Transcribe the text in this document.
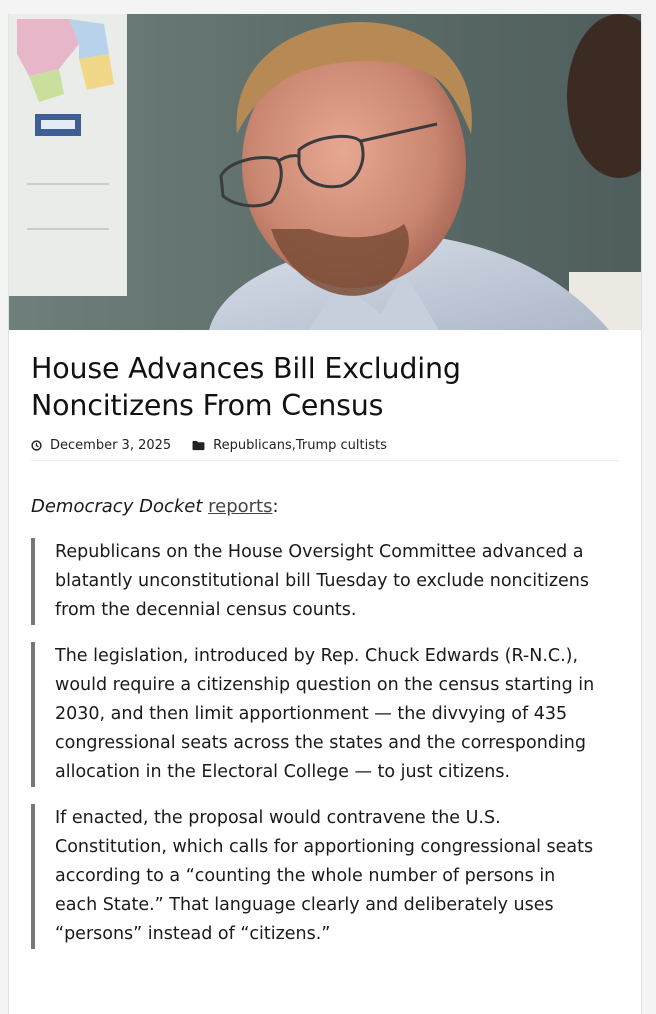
House Advances Bill Excluding Noncitizens From Census
December 3, 2025	Republicans , Trump cultists

Democracy Docket reports:

Republicans on the House Oversight Committee advanced a blatantly unconstitutional bill Tuesday to exclude noncitizens from the decennial census counts.

The legislation, introduced by Rep. Chuck Edwards (R-N.C.), would require a citizenship question on the census starting in 2030, and then limit apportionment — the divvying of 435 congressional seats across the states and the corresponding allocation in the Electoral College — to just citizens.

If enacted, the proposal would contravene the U.S. Constitution, which calls for apportioning congressional seats according to a “counting the whole number of persons in each State.” That language clearly and deliberately uses “persons” instead of “citizens.”
